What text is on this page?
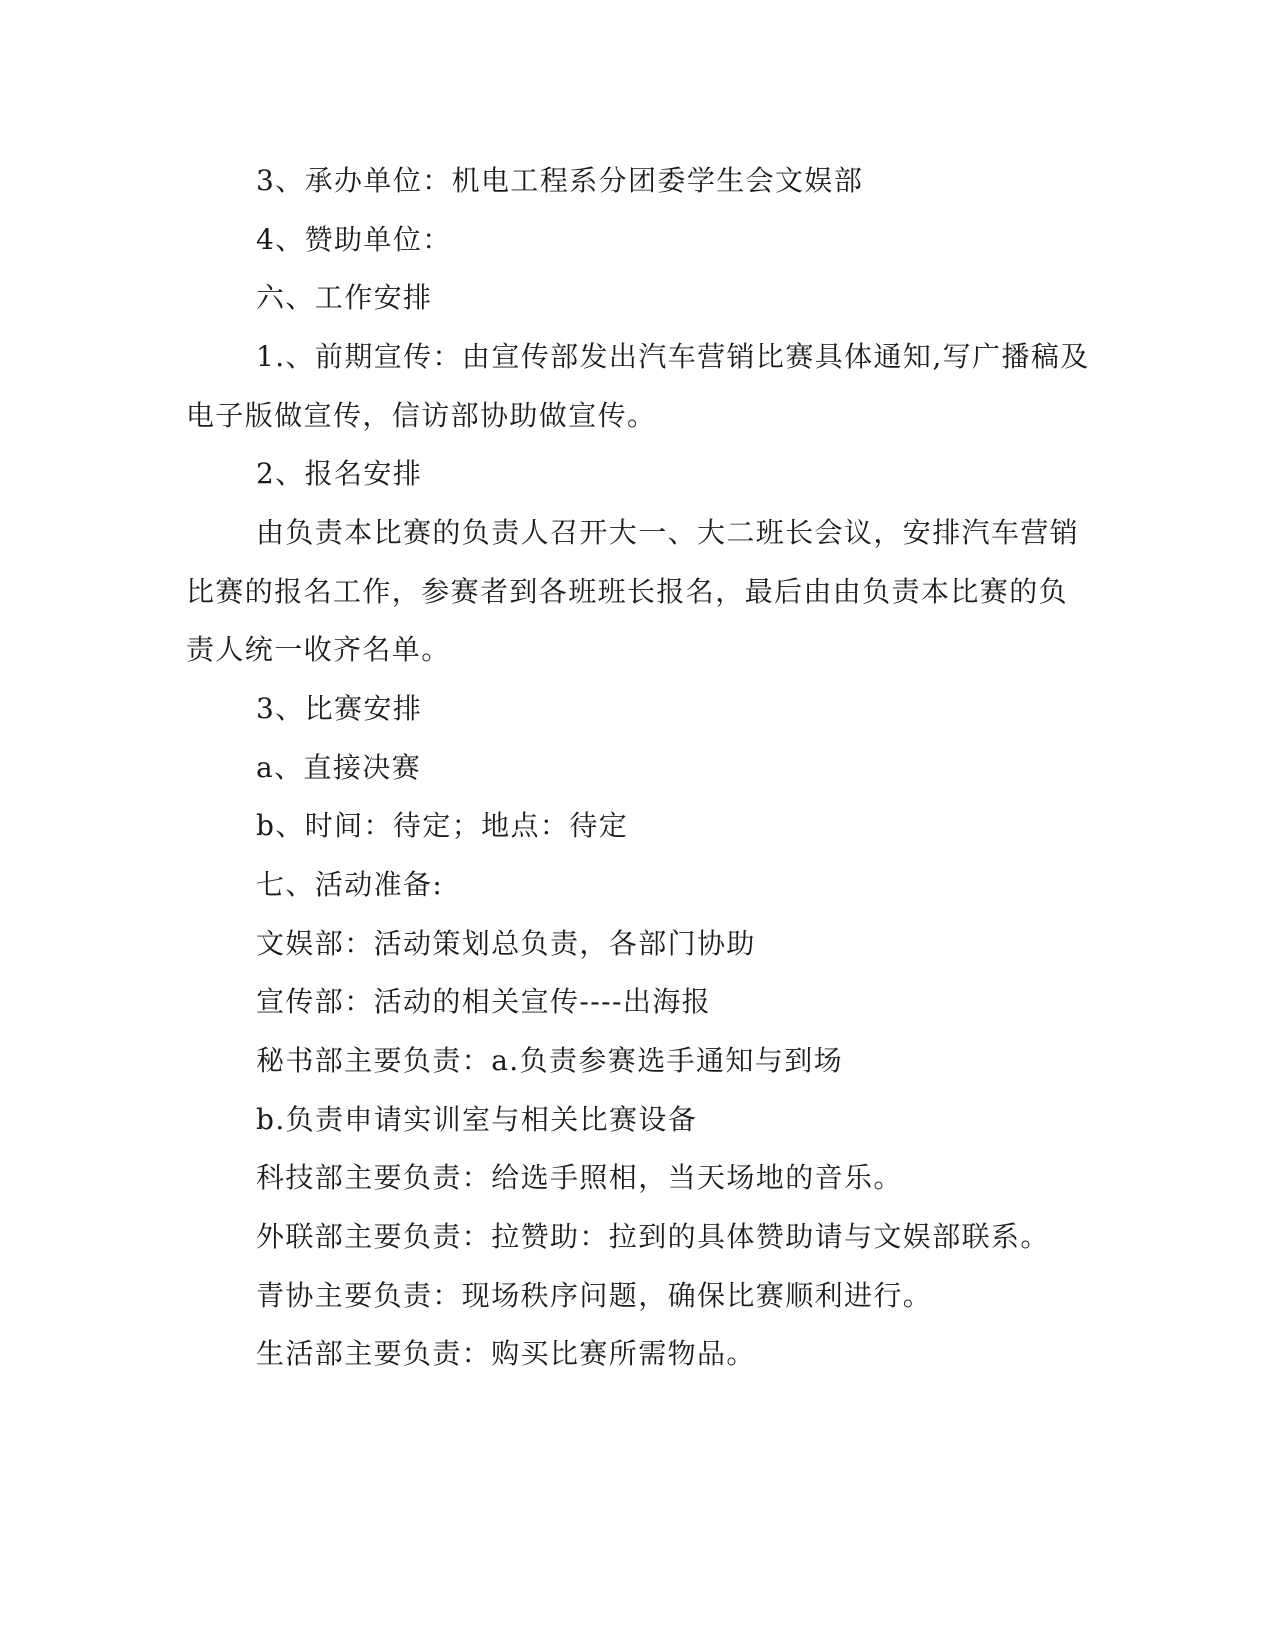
3、承办单位：机电工程系分团委学生会文娱部
4、赞助单位：
六、工作安排
1.、前期宣传：由宣传部发出汽车营销比赛具体通知,写广播稿及
电子版做宣传，信访部协助做宣传。
2、报名安排
由负责本比赛的负责人召开大一、大二班长会议，安排汽车营销
比赛的报名工作，参赛者到各班班长报名，最后由由负责本比赛的负
责人统一收齐名单。
3、比赛安排
a、直接决赛
b、时间：待定；地点：待定
七、活动准备:
文娱部：活动策划总负责，各部门协助
宣传部：活动的相关宣传----出海报
秘书部主要负责：a.负责参赛选手通知与到场
b.负责申请实训室与相关比赛设备
科技部主要负责：给选手照相，当天场地的音乐。
外联部主要负责：拉赞助：拉到的具体赞助请与文娱部联系。
青协主要负责：现场秩序问题，确保比赛顺利进行。
生活部主要负责：购买比赛所需物品。
